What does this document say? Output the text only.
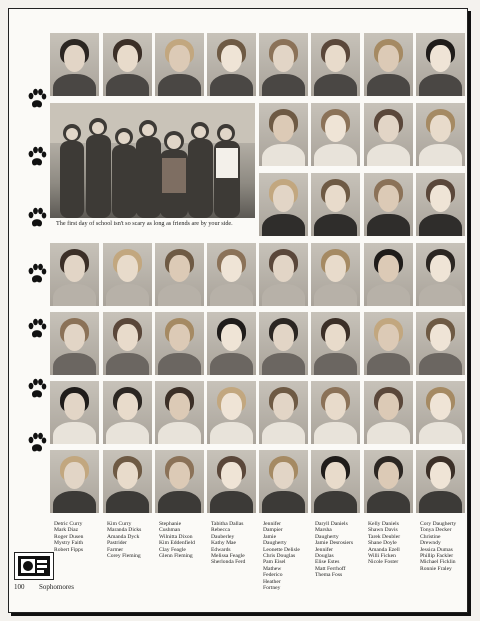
The first day of school isn't so scary as long as friends are by your side.
Detric Curry
Mark Diaz
Roger Dusen
Mystry Faith
Robert Fipps
Kim Curry
Maranda Dicks
Amanda Dyck
Pastrider
Farmer
Corey Fleming
Stephanie
Cushman
Wilnitta Dixon
Kim Eddenfield
Clay Feagle
Glenn Fleming
Tabitha Dallas
Rebecca
Dauberley
Kathy Mae
Edwards
Melissa Feagle
Sherlonda Ferd
Jennifer
Dampier
Jamie
Daugherty
Leonette Delisle
Chris Douglas
Pam Eisel
Mathew
Federico
Heather
Fortney
Daryll Daniels
Marsha
Daugherty
Jamie Desrosiers
Jennifer
Douglas
Elise Estes
Matt Ferrhoff
Thema Foss
Kelly Daniels
Shawn Davis
Tarek Deubler
Shane Doyle
Amanda Ezell
Willi Ficken
Nicole Foster
Cory Daugherty
Tonya Decker
Christine
Drewndy
Jessica Dumas
Phillip Fackler
Michael Ficklin
Ronnie Fraley
100 Sophomores
